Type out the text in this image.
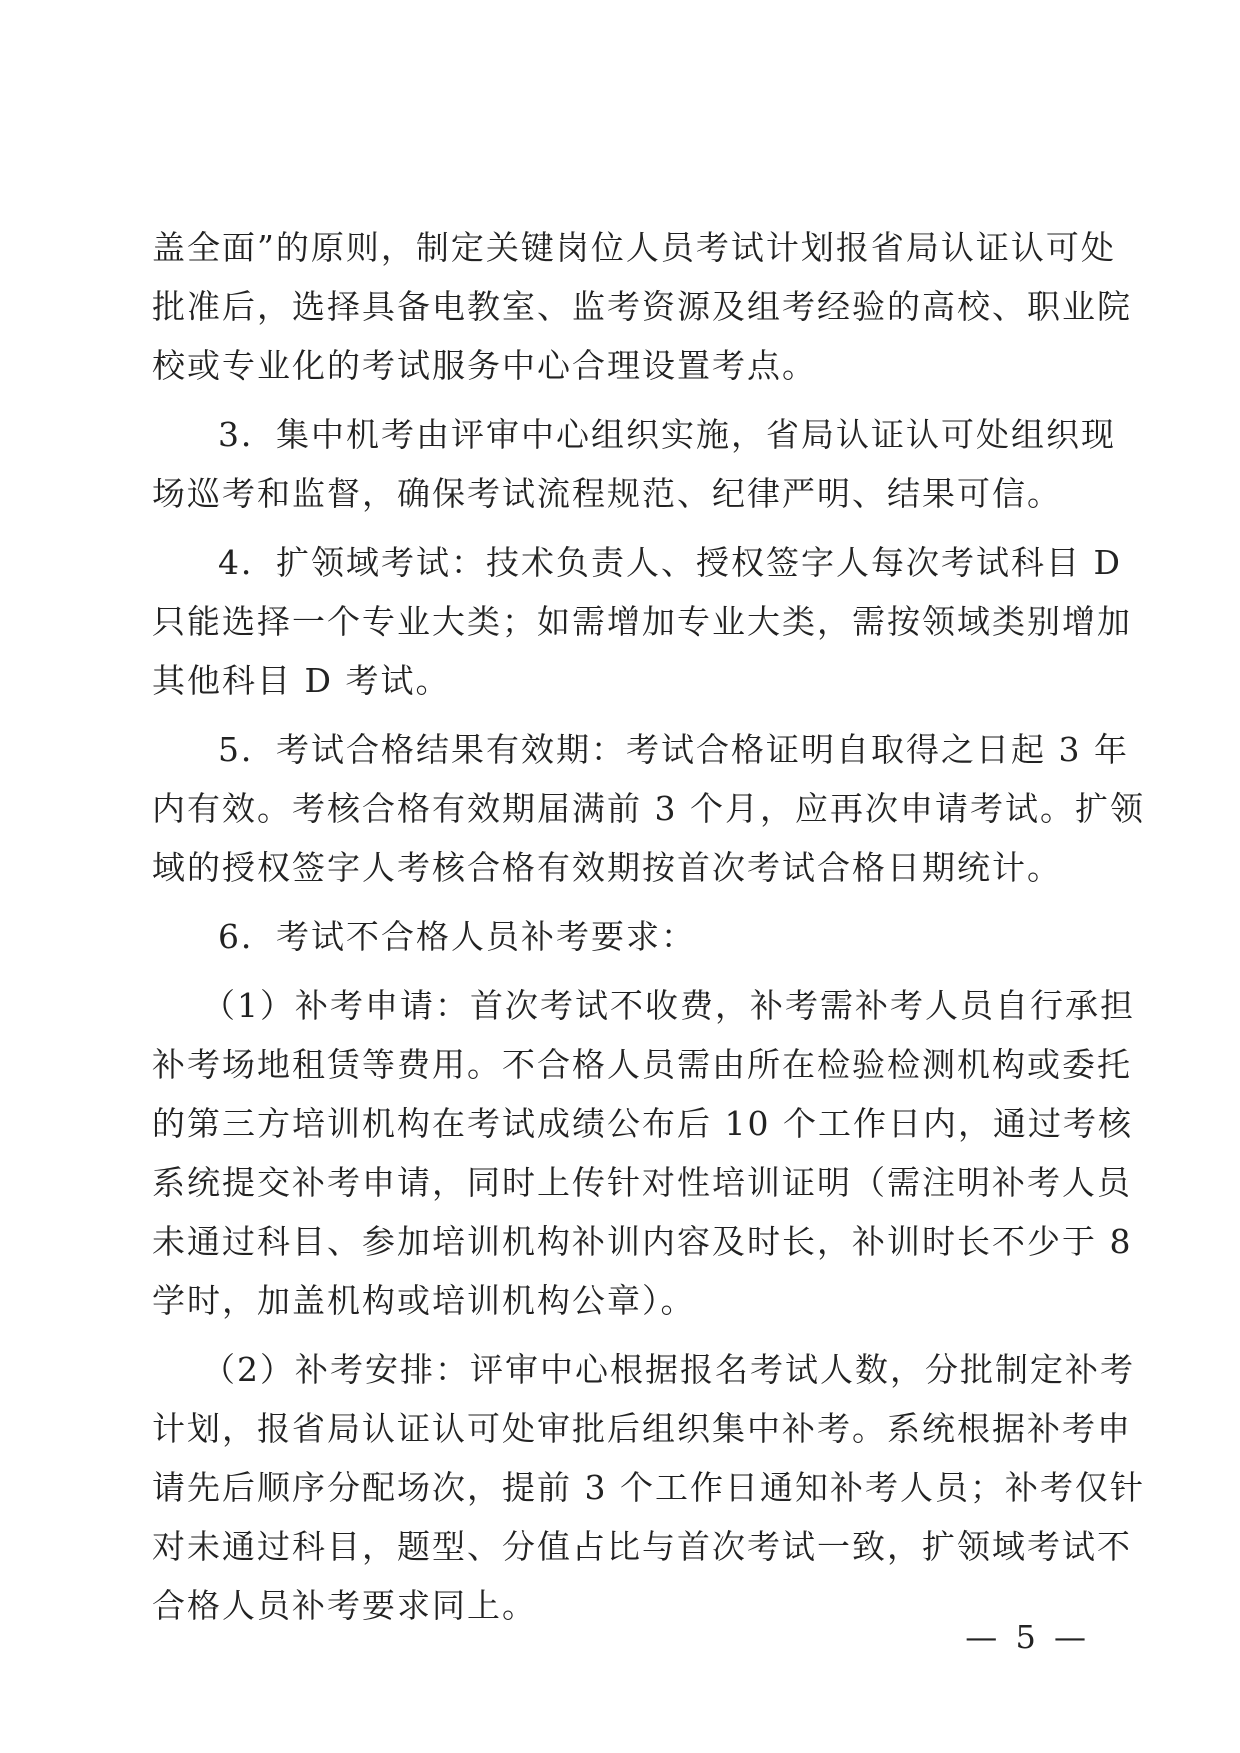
盖全面”的原则，制定关键岗位人员考试计划报省局认证认可处
批准后，选择具备电教室、监考资源及组考经验的高校、职业院
校或专业化的考试服务中心合理设置考点。

3．集中机考由评审中心组织实施，省局认证认可处组织现
场巡考和监督，确保考试流程规范、纪律严明、结果可信。

4．扩领域考试：技术负责人、授权签字人每次考试科目 D
只能选择一个专业大类；如需增加专业大类，需按领域类别增加
其他科目 D 考试。

5．考试合格结果有效期：考试合格证明自取得之日起 3 年
内有效。考核合格有效期届满前 3 个月，应再次申请考试。扩领
域的授权签字人考核合格有效期按首次考试合格日期统计。

6．考试不合格人员补考要求：

（1）补考申请：首次考试不收费，补考需补考人员自行承担
补考场地租赁等费用。不合格人员需由所在检验检测机构或委托
的第三方培训机构在考试成绩公布后 10 个工作日内，通过考核
系统提交补考申请，同时上传针对性培训证明（需注明补考人员
未通过科目、参加培训机构补训内容及时长，补训时长不少于 8
学时，加盖机构或培训机构公章）。

（2）补考安排：评审中心根据报名考试人数，分批制定补考
计划，报省局认证认可处审批后组织集中补考。系统根据补考申
请先后顺序分配场次，提前 3 个工作日通知补考人员；补考仅针
对未通过科目，题型、分值占比与首次考试一致，扩领域考试不
合格人员补考要求同上。

— 5 —
